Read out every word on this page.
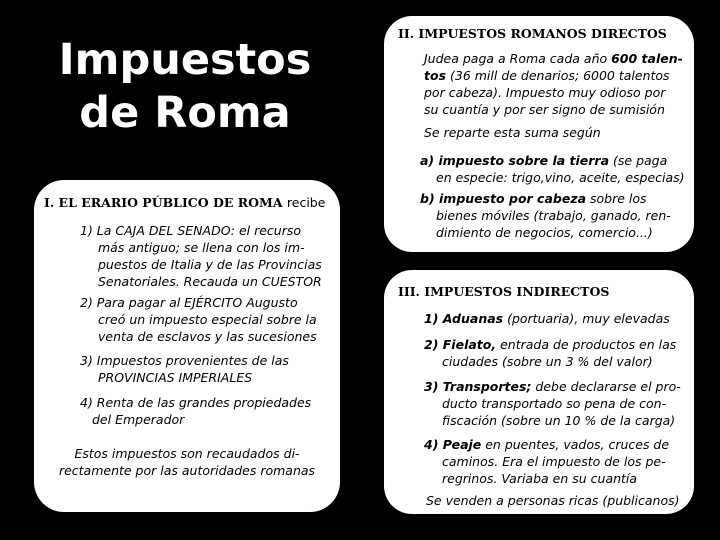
Impuestos
de Roma
I. EL ERARIO PÚBLICO DE ROMA recibe
1) La CAJA DEL SENADO: el recurso
más antiguo; se llena con los im-
puestos de Italia y de las Provincias
Senatoriales. Recauda un CUESTOR
2) Para pagar al EJÉRCITO Augusto
creó un impuesto especial sobre la
venta de esclavos y las sucesiones
3) Impuestos provenientes de las
PROVINCIAS IMPERIALES
4) Renta de las grandes propiedades
del Emperador
Estos impuestos son recaudados di-
rectamente por las autoridades romanas
II. IMPUESTOS ROMANOS DIRECTOS
Judea paga a Roma cada año 600 talen-
tos (36 mill de denarios; 6000 talentos
por cabeza). Impuesto muy odioso por
su cuantía y por ser signo de sumisión
Se reparte esta suma según
a) impuesto sobre la tierra (se paga
en especie: trigo,vino, aceite, especias)
b) impuesto por cabeza sobre los
bienes móviles (trabajo, ganado, ren-
dimiento de negocios, comercio...)
III. IMPUESTOS INDIRECTOS
1) Aduanas (portuaria), muy elevadas
2) Fielato, entrada de productos en las
ciudades (sobre un 3 % del valor)
3) Transportes; debe declararse el pro-
ducto transportado so pena de con-
fiscación (sobre un 10 % de la carga)
4) Peaje en puentes, vados, cruces de
caminos. Era el impuesto de los pe-
regrinos. Variaba en su cuantía
Se venden a personas ricas (publicanos)
